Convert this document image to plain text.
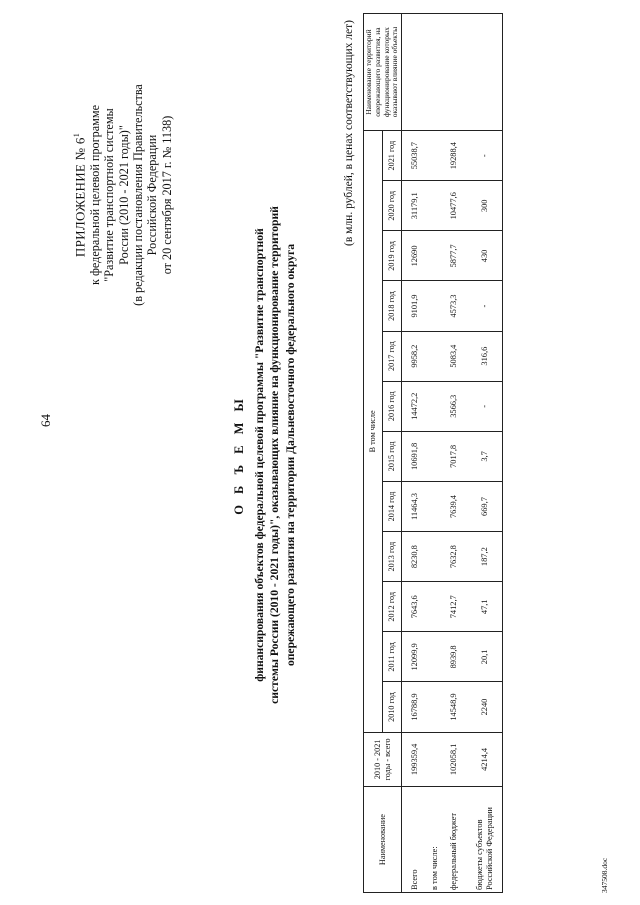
64
ПРИЛОЖЕНИЕ № $6^1$ к федеральной целевой программе "Развитие транспортной системы России (2010 - 2021 годы)" (в редакции постановления Правительства Российской Федерации от 20 сентября 2017 г. № 1138)
О Б Ъ Е М Ы финансирования объектов федеральной целевой программы "Развитие транспортной системы России (2010 - 2021 годы)", оказывающих влияние на функционирование территорий опережающего развития на территории Дальневосточного федерального округа
(в млн. рублей, в ценах соответствующих лет)
Наименование	2010 - 2021 годы - всего	В том числе												Наименование территорий опережающего развития, на функционирование которых оказывают влияние объекты
		2010 год	2011 год	2012 год	2013 год	2014 год	2015 год	2016 год	2017 год	2018 год	2019 год	2020 год	2021 год	
Всего	199359,4	16788,9	12099,9	7643,6	8230,8	11464,3	10691,8	14472,2	9958,2	9101,9	12690	31179,1	55038,7	
в том числе:														
федеральный бюджет	102058,1	14548,9	8939,8	7412,7	7632,8	7639,4	7017,8	3566,3	5083,4	4573,3	5877,7	10477,6	19288,4	
бюджеты субъектов Российской Федерации	4214,4	2240	20,1	47,1	187,2	669,7	3,7	-	316,6	-	430	300	-	
347508.doc
